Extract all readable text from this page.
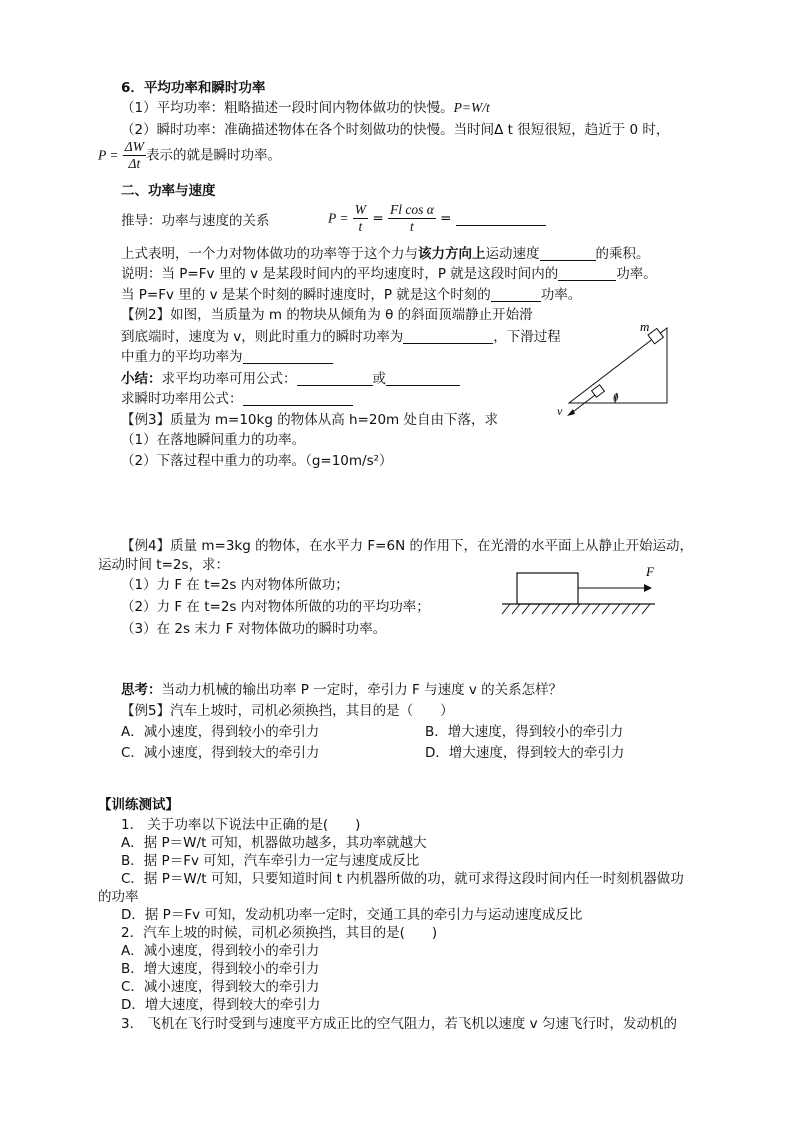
6．平均功率和瞬时功率
（1）平均功率：粗略描述一段时间内物体做功的快慢。P=W/t
（2）瞬时功率：准确描述物体在各个时刻做功的快慢。当时间Δ t 很短很短，趋近于 0 时，
$P = \frac{\Delta W}{\Delta t}$ 表示的就是瞬时功率。
二、功率与速度
推导：功率与速度的关系	$P = \frac{W}{t} = \frac{\text{Fl cos α}}{t}$ =
上式表明，一个力对物体做功的功率等于这个力与该力方向上运动速度	的乘积。
说明：当 P=Fv 里的 v 是某段时间内的平均速度时，P 就是这段时间内的	功率。
当 P=Fv 里的 v 是某个时刻的瞬时速度时，P 就是这个时刻的	功率。
【例2】如图，当质量为 m 的物块从倾角为 θ 的斜面顶端静止开始滑
到底端时，速度为 v，则此时重力的瞬时功率为	，下滑过程
中重力的平均功率为
小结：求平均功率可用公式：	或
求瞬时功率用公式：
m
θ
v
【例3】质量为 m=10kg 的物体从高 h=20m 处自由下落，求
（1）在落地瞬间重力的功率。
（2）下落过程中重力的功率。（g=10m/s²）
【例4】质量 m=3kg 的物体，在水平力 F=6N 的作用下，在光滑的水平面上从静止开始运动，
运动时间 t=2s，求：
（1）力 F 在 t=2s 内对物体所做功；
（2）力 F 在 t=2s 内对物体所做的功的平均功率；
（3）在 2s 末力 F 对物体做功的瞬时功率。
F
思考：当动力机械的输出功率 P 一定时，牵引力 F 与速度 v 的关系怎样？
【例5】汽车上坡时，司机必须换挡，其目的是（　　）
A．减小速度，得到较小的牵引力	B．增大速度，得到较小的牵引力
C．减小速度，得到较大的牵引力	D．增大速度，得到较大的牵引力
【训练测试】
1． 关于功率以下说法中正确的是(　　)
A．据 P＝W/t 可知，机器做功越多，其功率就越大
B．据 P＝Fv 可知，汽车牵引力一定与速度成反比
C．据 P＝W/t 可知，只要知道时间 t 内机器所做的功，就可求得这段时间内任一时刻机器做功
的功率
D．据 P＝Fv 可知，发动机功率一定时，交通工具的牵引力与运动速度成反比
2．汽车上坡的时候，司机必须换挡，其目的是(　　)
A．减小速度，得到较小的牵引力
B．增大速度，得到较小的牵引力
C．减小速度，得到较大的牵引力
D．增大速度，得到较大的牵引力
3． 飞机在飞行时受到与速度平方成正比的空气阻力，若飞机以速度 v 匀速飞行时，发动机的
